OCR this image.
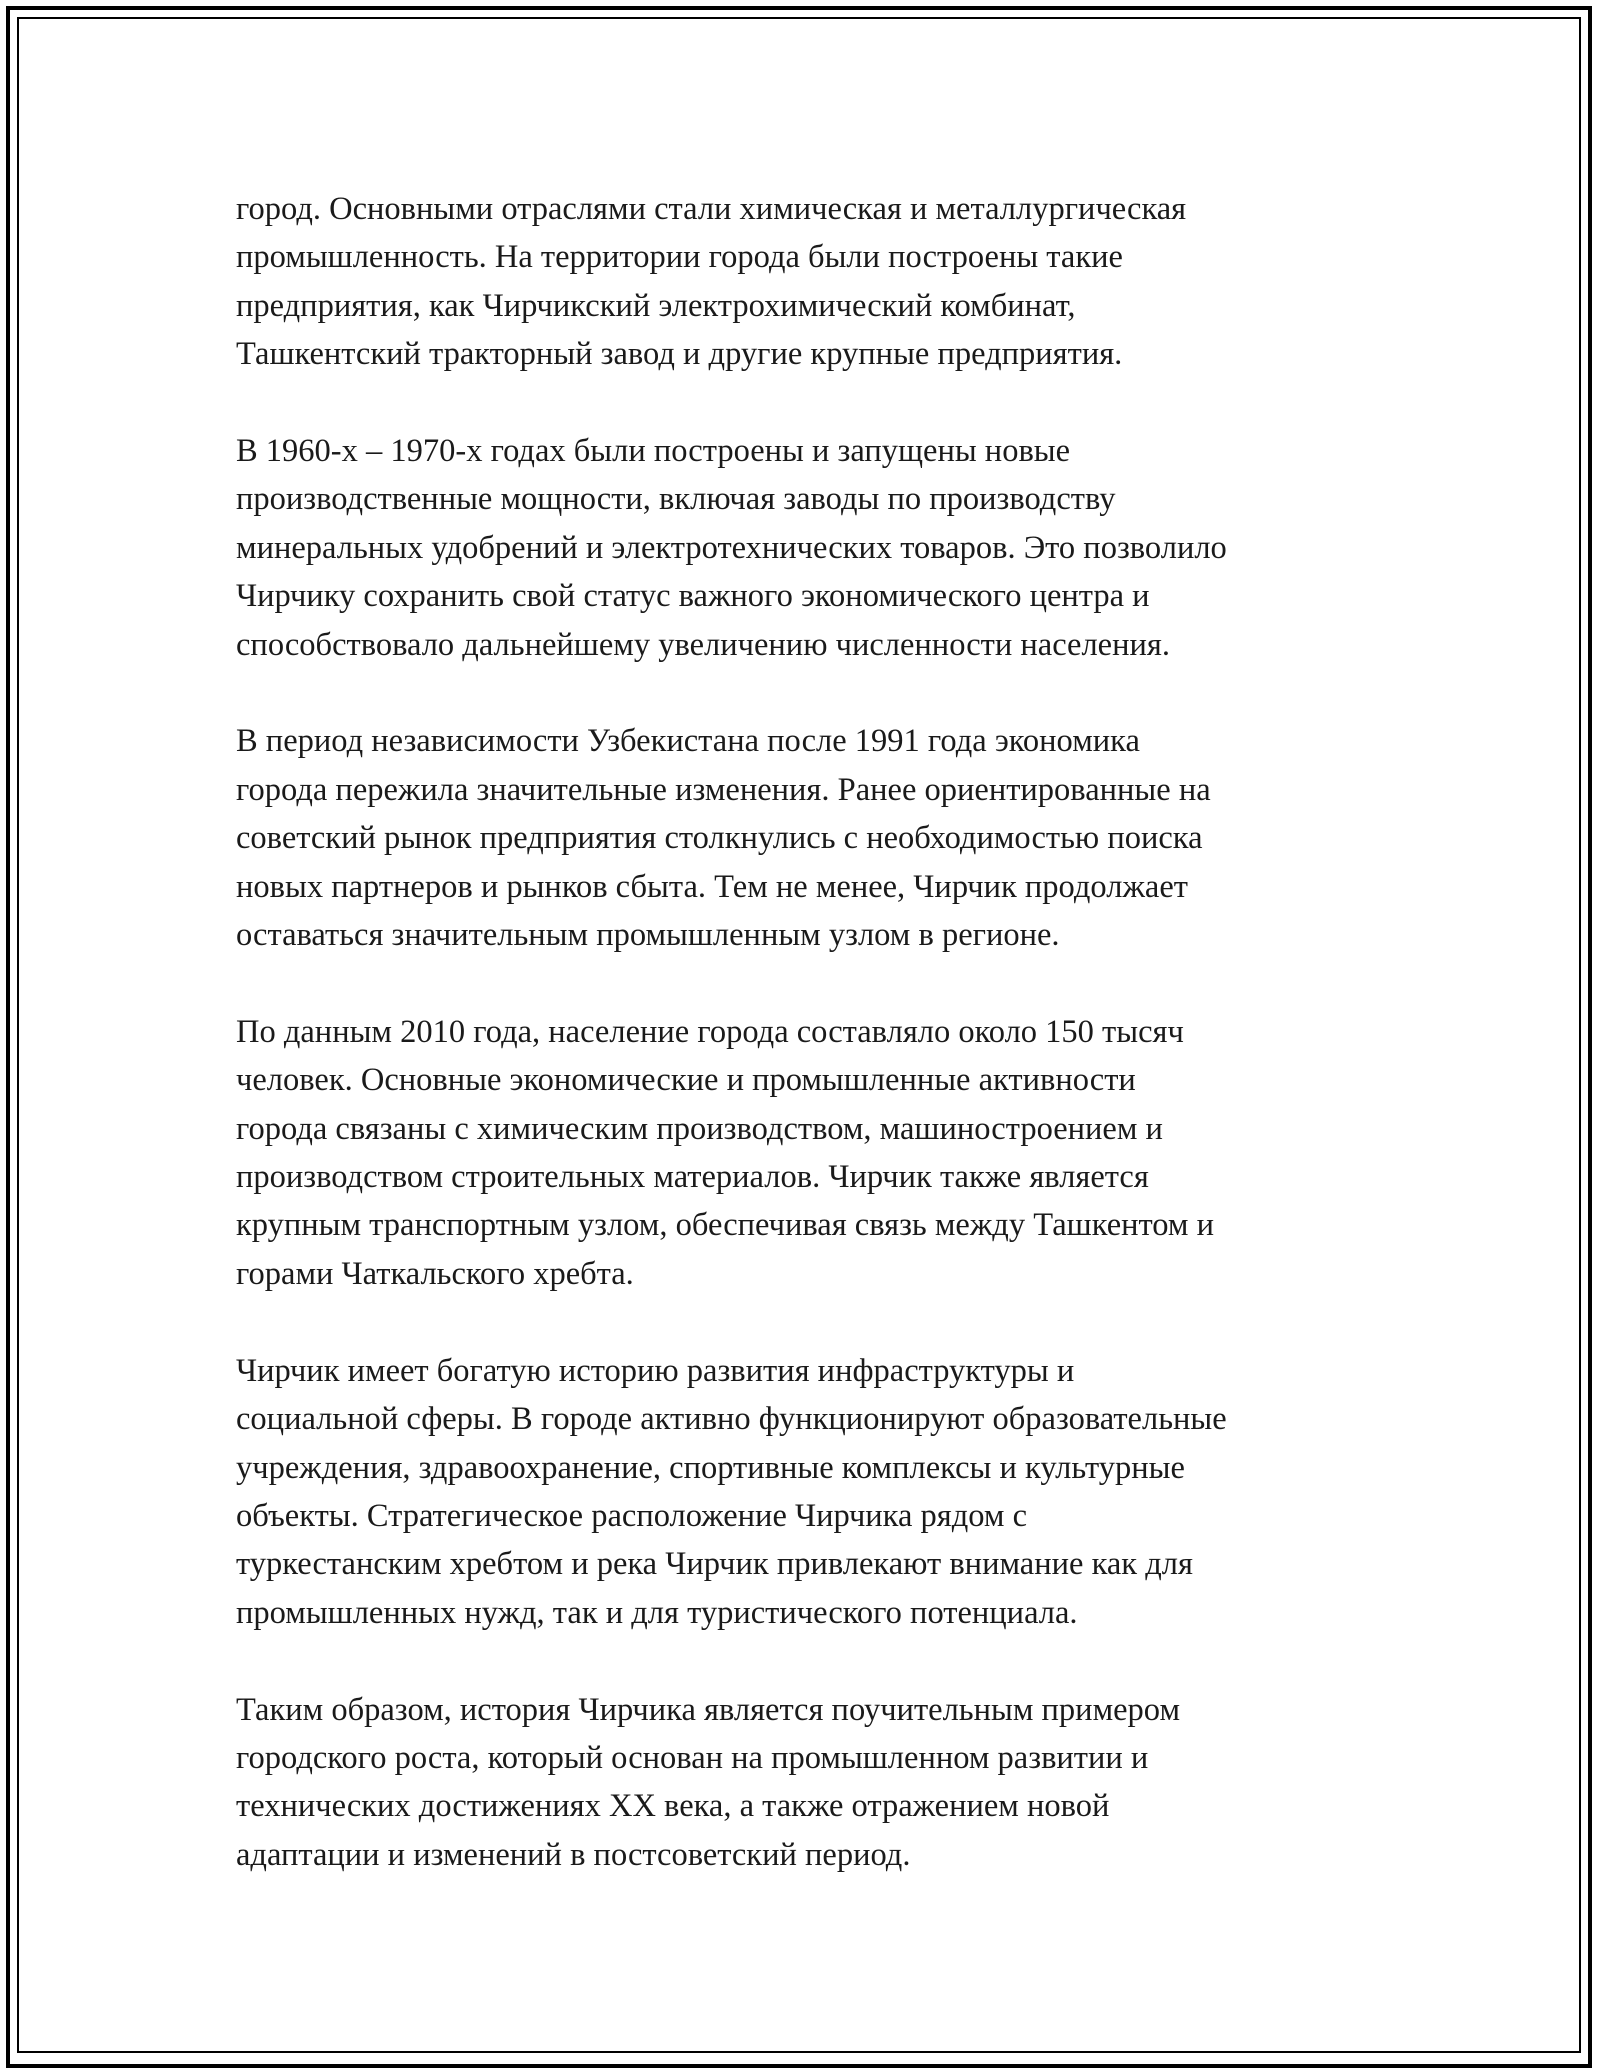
город. Основными отраслями стали химическая и металлургическая
промышленность. На территории города были построены такие
предприятия, как Чирчикский электрохимический комбинат,
Ташкентский тракторный завод и другие крупные предприятия.

В 1960-х – 1970-х годах были построены и запущены новые
производственные мощности, включая заводы по производству
минеральных удобрений и электротехнических товаров. Это позволило
Чирчику сохранить свой статус важного экономического центра и
способствовало дальнейшему увеличению численности населения.

В период независимости Узбекистана после 1991 года экономика
города пережила значительные изменения. Ранее ориентированные на
советский рынок предприятия столкнулись с необходимостью поиска
новых партнеров и рынков сбыта. Тем не менее, Чирчик продолжает
оставаться значительным промышленным узлом в регионе.

По данным 2010 года, население города составляло около 150 тысяч
человек. Основные экономические и промышленные активности
города связаны с химическим производством, машиностроением и
производством строительных материалов. Чирчик также является
крупным транспортным узлом, обеспечивая связь между Ташкентом и
горами Чаткальского хребта.

Чирчик имеет богатую историю развития инфраструктуры и
социальной сферы. В городе активно функционируют образовательные
учреждения, здравоохранение, спортивные комплексы и культурные
объекты. Стратегическое расположение Чирчика рядом с
туркестанским хребтом и река Чирчик привлекают внимание как для
промышленных нужд, так и для туристического потенциала.

Таким образом, история Чирчика является поучительным примером
городского роста, который основан на промышленном развитии и
технических достижениях XX века, а также отражением новой
адаптации и изменений в постсоветский период.
